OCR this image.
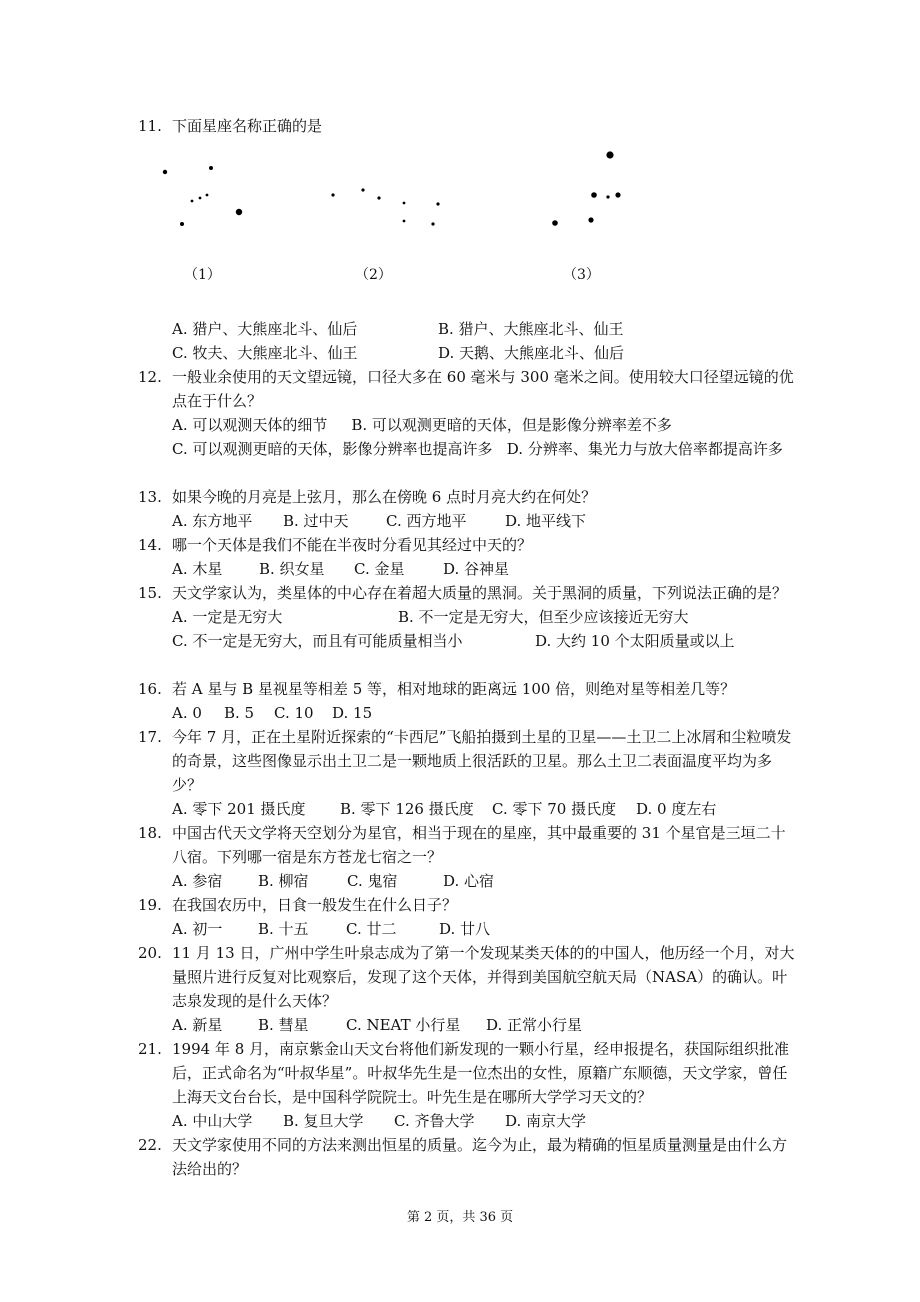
11. 下面星座名称正确的是
（1）	（2）	（3）
A. 猎户、大熊座北斗、仙后	B. 猎户、大熊座北斗、仙王
C. 牧夫、大熊座北斗、仙王	D. 天鹅、大熊座北斗、仙后
12. 一般业余使用的天文望远镜，口径大多在 60 毫米与 300 毫米之间。使用较大口径望远镜的优点在于什么？
A. 可以观测天体的细节 B. 可以观测更暗的天体，但是影像分辨率差不多
C. 可以观测更暗的天体，影像分辨率也提高许多 D. 分辨率、集光力与放大倍率都提高许多
13. 如果今晚的月亮是上弦月，那么在傍晚 6 点时月亮大约在何处？
A. 东方地平	B. 过中天	C. 西方地平	D. 地平线下
14. 哪一个天体是我们不能在半夜时分看见其经过中天的？
A. 木星	B. 织女星	C. 金星	D. 谷神星
15. 天文学家认为，类星体的中心存在着超大质量的黑洞。关于黑洞的质量，下列说法正确的是？
A. 一定是无穷大	B. 不一定是无穷大，但至少应该接近无穷大
C. 不一定是无穷大，而且有可能质量相当小	D. 大约 10 个太阳质量或以上
16. 若 A 星与 B 星视星等相差 5 等，相对地球的距离远 100 倍，则绝对星等相差几等？
A. 0	B. 5	C. 10	D. 15
17. 今年 7 月，正在土星附近探索的“卡西尼”飞船拍摄到土星的卫星——土卫二上冰屑和尘粒喷发的奇景，这些图像显示出土卫二是一颗地质上很活跃的卫星。那么土卫二表面温度平均为多少？
A. 零下 201 摄氏度	B. 零下 126 摄氏度	C. 零下 70 摄氏度	D. 0 度左右
18. 中国古代天文学将天空划分为星官，相当于现在的星座，其中最重要的 31 个星官是三垣二十八宿。下列哪一宿是东方苍龙七宿之一？
A. 参宿	B. 柳宿	C. 鬼宿	D. 心宿
19. 在我国农历中，日食一般发生在什么日子？
A. 初一	B. 十五	C. 廿二	D. 廿八
20. 11 月 13 日，广州中学生叶泉志成为了第一个发现某类天体的的中国人，他历经一个月，对大量照片进行反复对比观察后，发现了这个天体，并得到美国航空航天局（NASA）的确认。叶志泉发现的是什么天体？
A. 新星	B. 彗星	C. NEAT 小行星	D. 正常小行星
21. 1994 年 8 月，南京紫金山天文台将他们新发现的一颗小行星，经申报提名，获国际组织批准后，正式命名为“叶叔华星”。叶叔华先生是一位杰出的女性，原籍广东顺德，天文学家，曾任上海天文台台长，是中国科学院院士。叶先生是在哪所大学学习天文的？
A. 中山大学	B. 复旦大学	C. 齐鲁大学	D. 南京大学
22. 天文学家使用不同的方法来测出恒星的质量。迄今为止，最为精确的恒星质量测量是由什么方法给出的？
第 2 页，共 36 页
